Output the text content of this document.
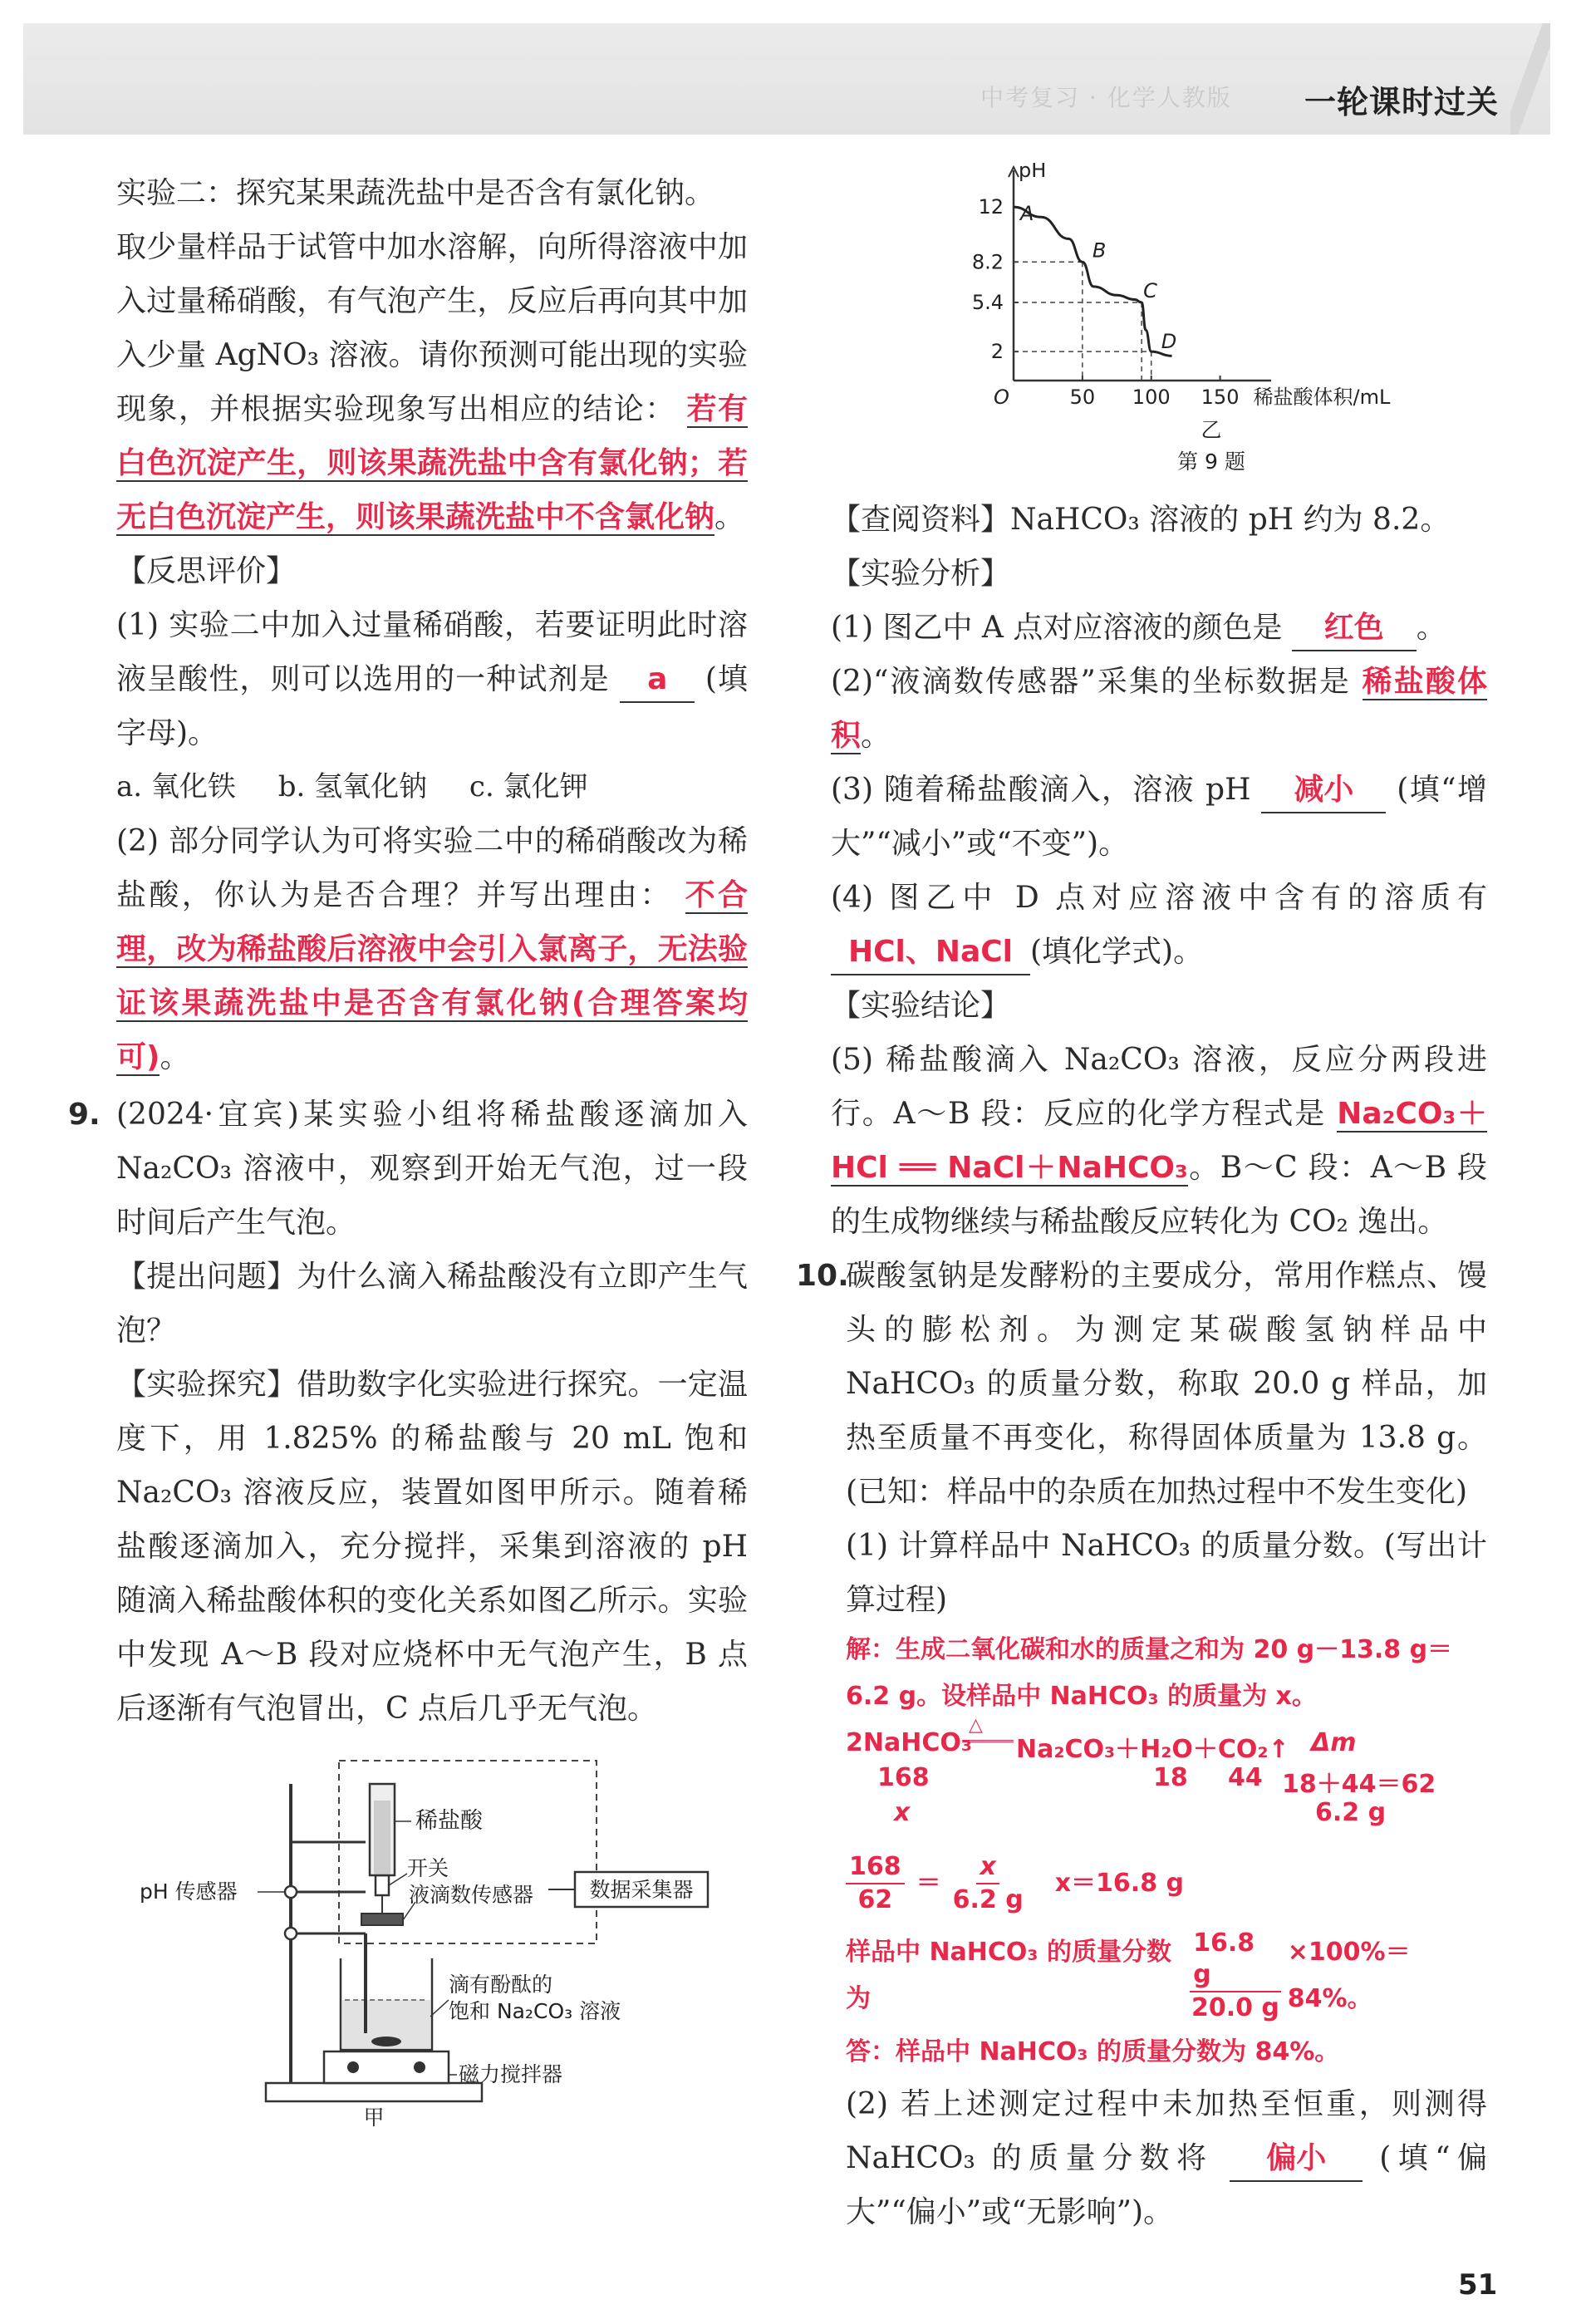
中考复习 · 化学人教版 一轮课时过关
实验二：探究某果蔬洗盐中是否含有氯化钠。
取少量样品于试管中加水溶解，向所得溶液中加入过量稀硝酸，有气泡产生，反应后再向其中加入少量 AgNO₃ 溶液。请你预测可能出现的实验现象，并根据实验现象写出相应的结论： 若有白色沉淀产生，则该果蔬洗盐中含有氯化钠；若无白色沉淀产生，则该果蔬洗盐中不含氯化钠。
【反思评价】
(1) 实验二中加入过量稀硝酸，若要证明此时溶液呈酸性，则可以选用的一种试剂是 a (填字母)。
a. 氧化铁 b. 氢氧化钠 c. 氯化钾
(2) 部分同学认为可将实验二中的稀硝酸改为稀盐酸，你认为是否合理？并写出理由： 不合理，改为稀盐酸后溶液中会引入氯离子，无法验证该果蔬洗盐中是否含有氯化钠(合理答案均可)。
9. (2024·宜宾)某实验小组将稀盐酸逐滴加入 Na₂CO₃ 溶液中，观察到开始无气泡，过一段时间后产生气泡。
【提出问题】为什么滴入稀盐酸没有立即产生气泡？
【实验探究】借助数字化实验进行探究。一定温度下，用 1.825% 的稀盐酸与 20 mL 饱和 Na₂CO₃ 溶液反应，装置如图甲所示。随着稀盐酸逐滴加入，充分搅拌，采集到溶液的 pH 随滴入稀盐酸体积的变化关系如图乙所示。实验中发现 A～B 段对应烧杯中无气泡产生，B 点后逐渐有气泡冒出，C 点后几乎无气泡。
数据采集器
稀盐酸
开关
液滴数传感器
pH 传感器
滴有酚酞的
饱和 Na₂CO₃ 溶液
磁力搅拌器
甲
pH
O	50 100 150 稀盐酸体积/mL
2
5.4
8.2
12 A
B
C
D
乙
第 9 题
【查阅资料】NaHCO₃ 溶液的 pH 约为 8.2。
【实验分析】
(1) 图乙中 A 点对应溶液的颜色是 红色 。
(2)“液滴数传感器”采集的坐标数据是 稀盐酸体积。
(3) 随着稀盐酸滴入，溶液 pH 减小 (填“增大”“减小”或“不变”)。
(4) 图乙中 D 点对应溶液中含有的溶质有 HCl、NaCl (填化学式)。
【实验结论】
(5) 稀盐酸滴入 Na₂CO₃ 溶液，反应分两段进行。A～B 段：反应的化学方程式是 Na₂CO₃＋HCl ══ NaCl＋NaHCO₃。B～C 段：A～B 段的生成物继续与稀盐酸反应转化为 CO₂ 逸出。
10.
碳酸氢钠是发酵粉的主要成分，常用作糕点、馒头的膨松剂。为测定某碳酸氢钠样品中 NaHCO₃ 的质量分数，称取 20.0 g 样品，加热至质量不再变化，称得固体质量为 13.8 g。(已知：样品中的杂质在加热过程中不发生变化)
(1) 计算样品中 NaHCO₃ 的质量分数。(写出计算过程)
解：生成二氧化碳和水的质量之和为 20 g－13.8 g＝6.2 g。设样品中 NaHCO₃ 的质量为 x。
2NaHCO₃
△
Na₂CO₃＋H₂O＋CO₂↑ Δm
168	18 44 18＋44＝62
x	6.2 g
$\frac{168}{62} = \frac{x}{6.2 g} x=16.8$ g
样品中 NaHCO₃ 的质量分数为	$\frac{16.8 g}{20.0 g} \times 100\%=84\%$。
答：样品中 NaHCO₃ 的质量分数为 84%。
(2) 若上述测定过程中未加热至恒重，则测得 NaHCO₃ 的质量分数将 偏小 (填“偏大”“偏小”或“无影响”)。
51
